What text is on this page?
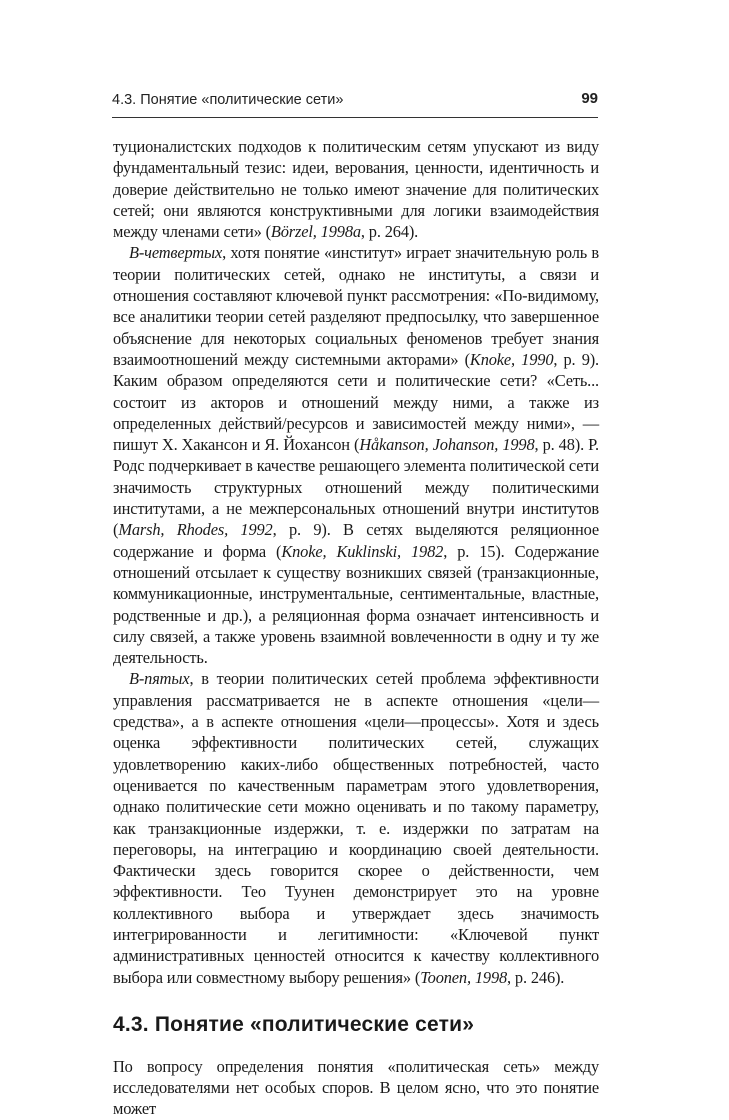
4.3. Понятие «политические сети»	99

туционалистских подходов к политическим сетям упускают из виду фундаментальный тезис: идеи, верования, ценности, идентичность и доверие действительно не только имеют значение для политических сетей; они являются конструктивными для логики взаимодействия между членами сети» (Börzel, 1998a, p. 264).

В-четвертых, хотя понятие «институт» играет значительную роль в теории политических сетей, однако не институты, а связи и отношения составляют ключевой пункт рассмотрения: «По-видимому, все аналитики теории сетей разделяют предпосылку, что завершенное объяснение для некоторых социальных феноменов требует знания взаимоотношений между системными акторами» (Knoke, 1990, p. 9). Каким образом определяются сети и политические сети? «Сеть... состоит из акторов и отношений между ними, а также из определенных действий/ресурсов и зависимостей между ними», — пишут Х. Хаканcон и Я. Йохансон (Håkanson, Johanson, 1998, p. 48). Р. Родс подчеркивает в качестве решающего элемента политической сети значимость структурных отношений между политическими институтами, а не межперсональных отношений внутри институтов (Marsh, Rhodes, 1992, p. 9). В сетях выделяются реляционное содержание и форма (Knoke, Kuklinski, 1982, p. 15). Содержание отношений отсылает к существу возникших связей (транзакционные, коммуникационные, инструментальные, сентиментальные, властные, родственные и др.), а реляционная форма означает интенсивность и силу связей, а также уровень взаимной вовлеченности в одну и ту же деятельность.

В-пятых, в теории политических сетей проблема эффективности управления рассматривается не в аспекте отношения «цели—средства», а в аспекте отношения «цели—процессы». Хотя и здесь оценка эффективности политических сетей, служащих удовлетворению каких-либо общественных потребностей, часто оценивается по качественным параметрам этого удовлетворения, однако политические сети можно оценивать и по такому параметру, как транзакционные издержки, т. е. издержки по затратам на переговоры, на интеграцию и координацию своей деятельности. Фактически здесь говорится скорее о действенности, чем эффективности. Тео Туунен демонстрирует это на уровне коллективного выбора и утверждает здесь значимость интегрированности и легитимности: «Ключевой пункт административных ценностей относится к качеству коллективного выбора или совместному выбору решения» (Toonen, 1998, p. 246).

4.3. Понятие «политические сети»

По вопросу определения понятия «политическая сеть» между исследователями нет особых споров. В целом ясно, что это понятие может
